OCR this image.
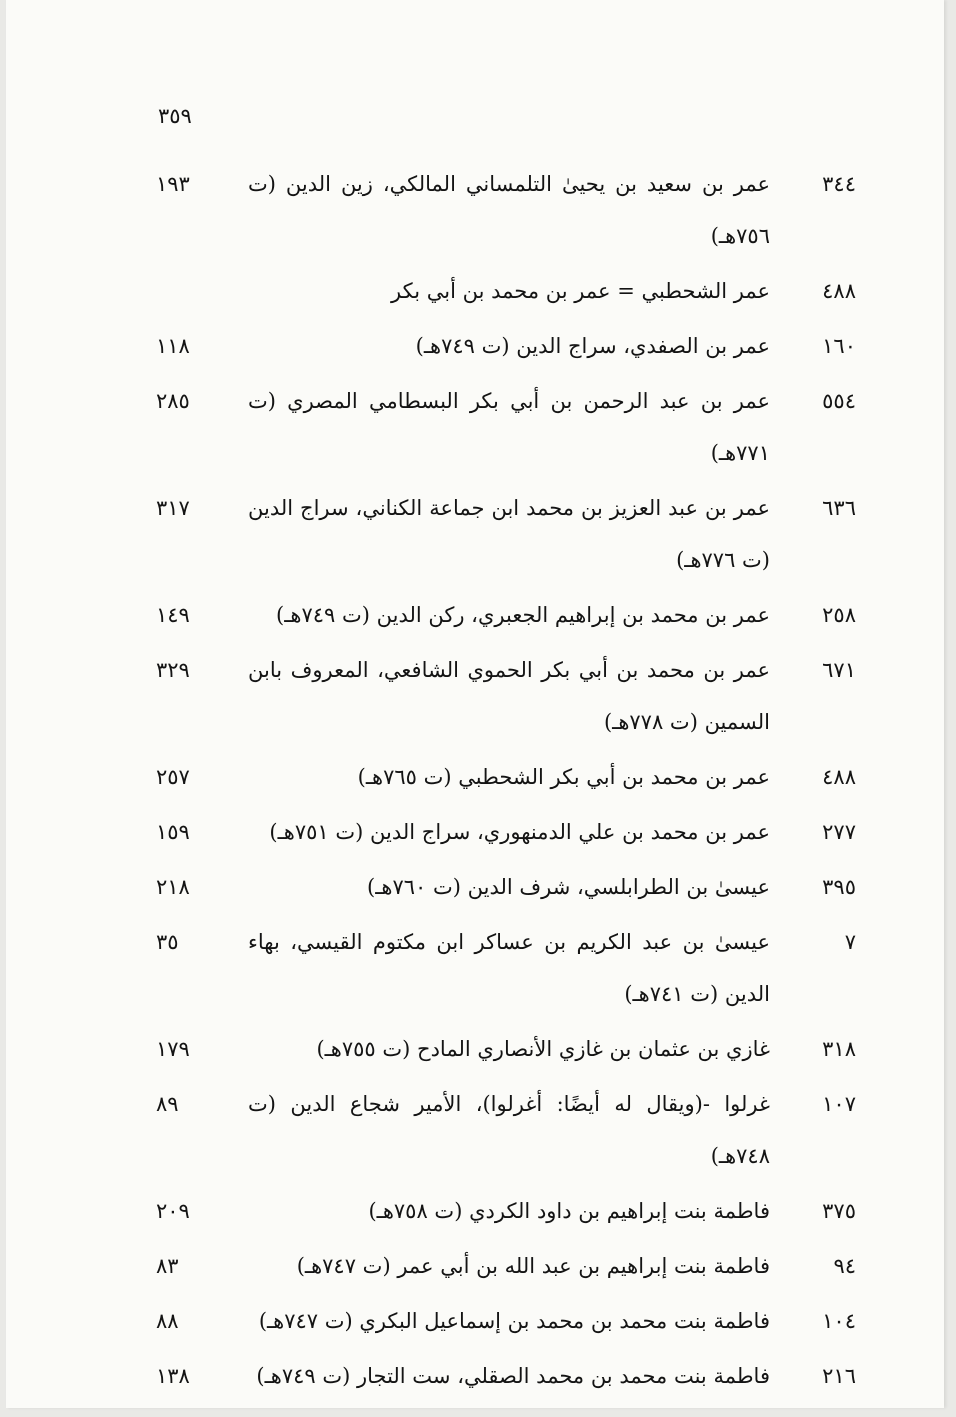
٣٥٩
٣٤٤
عمر بن سعيد بن يحيىٰ التلمساني المالكي، زين الدين (ت ٧٥٦هـ)
١٩٣
٤٨٨
عمر الشحطبي = عمر بن محمد بن أبي بكر
١٦٠
عمر بن الصفدي، سراج الدين (ت ٧٤٩هـ)
١١٨
٥٥٤
عمر بن عبد الرحمن بن أبي بكر البسطامي المصري (ت ٧٧١هـ)
٢٨٥
٦٣٦
عمر بن عبد العزيز بن محمد ابن جماعة الكناني، سراج الدين (ت ٧٧٦هـ)
٣١٧
٢٥٨
عمر بن محمد بن إبراهيم الجعبري، ركن الدين (ت ٧٤٩هـ)
١٤٩
٦٧١
عمر بن محمد بن أبي بكر الحموي الشافعي، المعروف بابن السمين (ت ٧٧٨هـ)
٣٢٩
٤٨٨
عمر بن محمد بن أبي بكر الشحطبي (ت ٧٦٥هـ)
٢٥٧
٢٧٧
عمر بن محمد بن علي الدمنهوري، سراج الدين (ت ٧٥١هـ)
١٥٩
٣٩٥
عيسىٰ بن الطرابلسي، شرف الدين (ت ٧٦٠هـ)
٢١٨
٧
عيسىٰ بن عبد الكريم بن عساكر ابن مكتوم القيسي، بهاء الدين (ت ٧٤١هـ)
٣٥
٣١٨
غازي بن عثمان بن غازي الأنصاري المادح (ت ٧٥٥هـ)
١٧٩
١٠٧
غرلوا -(ويقال له أيضًا: أغرلوا)، الأمير شجاع الدين (ت ٧٤٨هـ)
٨٩
٣٧٥
فاطمة بنت إبراهيم بن داود الكردي (ت ٧٥٨هـ)
٢٠٩
٩٤
فاطمة بنت إبراهيم بن عبد الله بن أبي عمر (ت ٧٤٧هـ)
٨٣
١٠٤
فاطمة بنت محمد بن محمد بن إسماعيل البكري (ت ٧٤٧هـ)
٨٨
٢١٦
فاطمة بنت محمد بن محمد الصقلي، ست التجار (ت ٧٤٩هـ)
١٣٨
